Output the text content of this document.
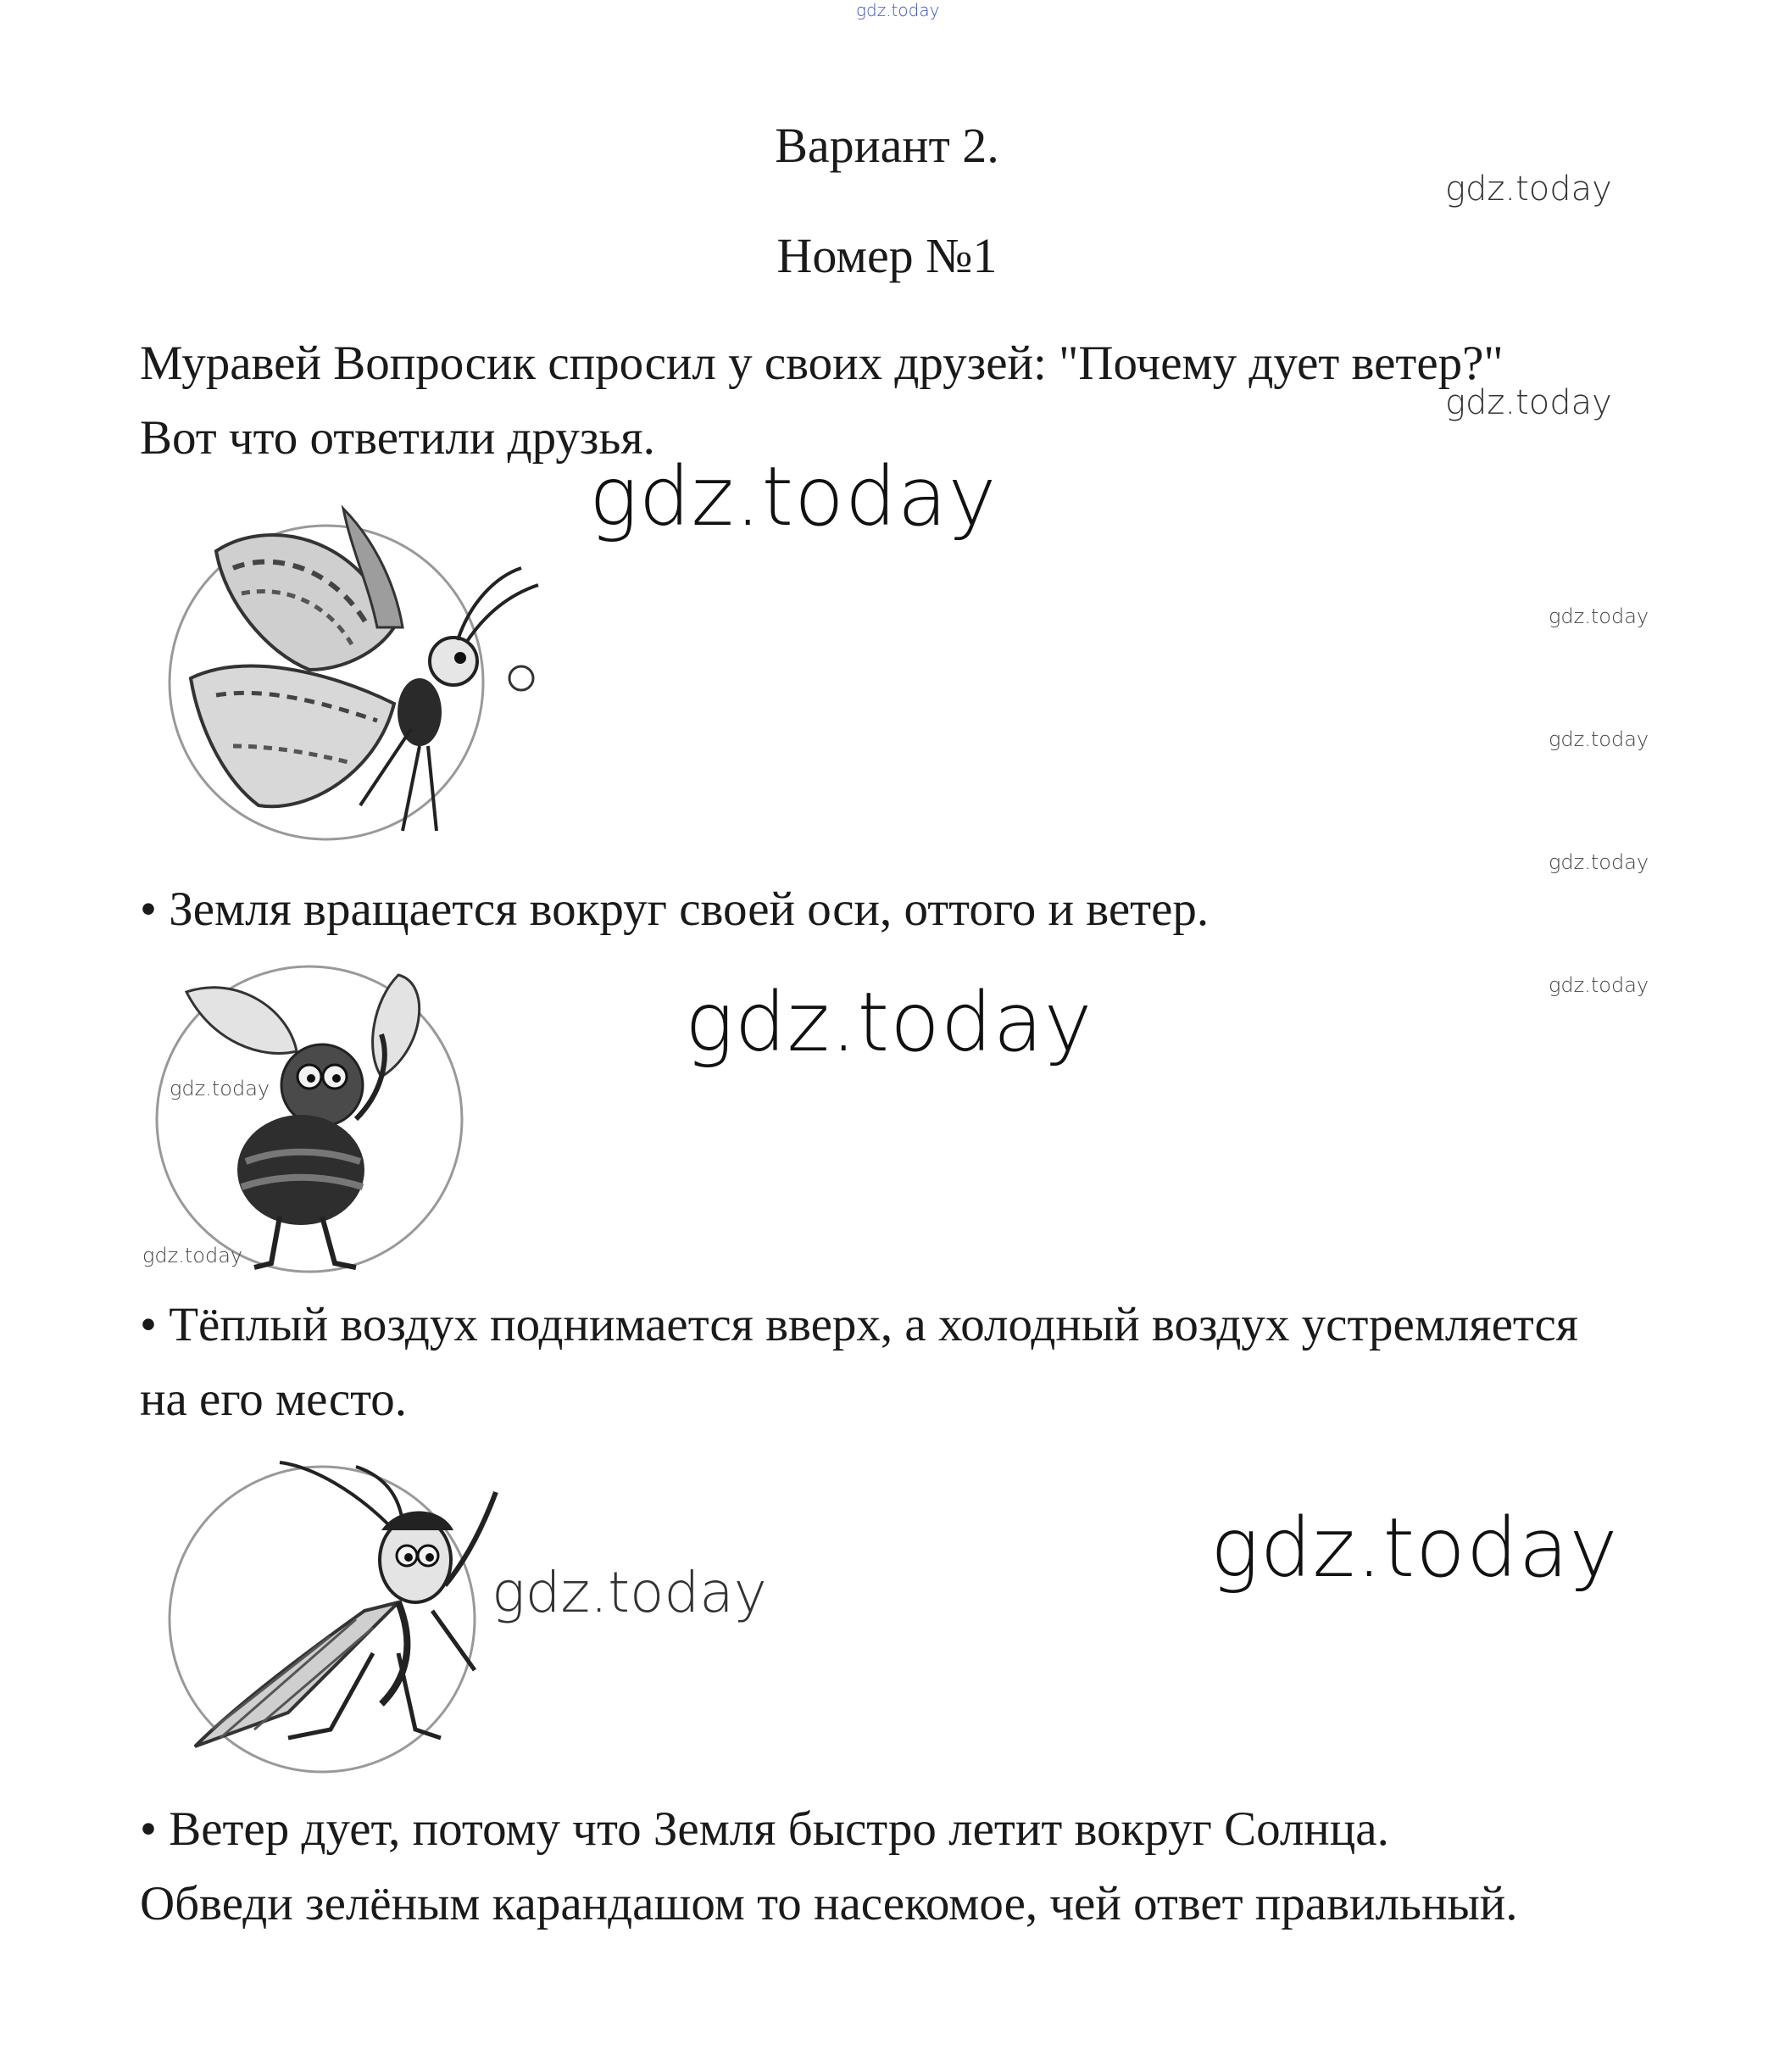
gdz.today
Вариант 2.
Номер №1
gdz.today
gdz.today
Муравей Вопросик спросил у своих друзей: "Почему дует ветер?"
Вот что ответили друзья.
gdz.today
gdz.today
gdz.today
gdz.today
• Земля вращается вокруг своей оси, оттого и ветер.
gdz.today
gdz.today
gdz.today
gdz.today
• Тёплый воздух поднимается вверх, а холодный воздух устремляется
на его место.
gdz.today	gdz.today
• Ветер дует, потому что Земля быстро летит вокруг Солнца.
Обведи зелёным карандашом то насекомое, чей ответ правильный.
